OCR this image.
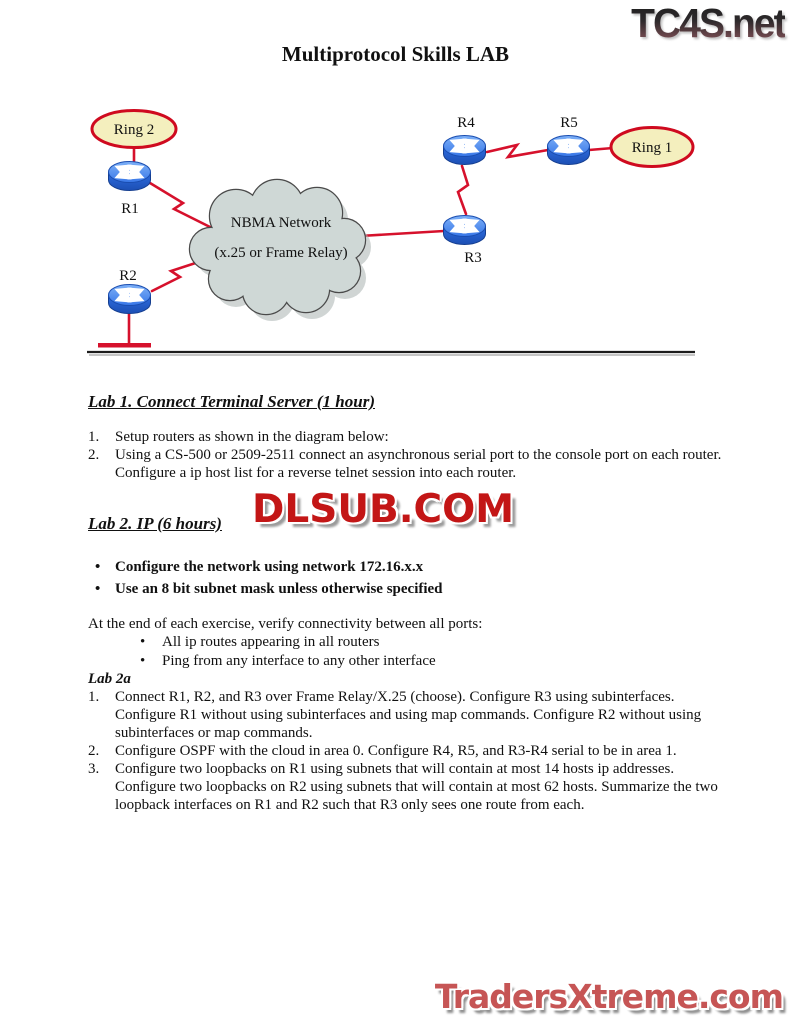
TC4S.net
Multiprotocol Skills LAB
NBMA Network
(x.25 or Frame Relay)
Ring 2
Ring 1
R1
R2
R3
R4	R5
Lab 1. Connect Terminal Server (1 hour)
1.	Setup routers as shown in the diagram below:
2.	Using a CS-500 or 2509-2511 connect an asynchronous serial port to the console port on each router. Configure a ip host list for a reverse telnet session into each router.
DLSUB.COM
Lab 2. IP (6 hours)
• Configure the network using network 172.16.x.x
• Use an 8 bit subnet mask unless otherwise specified
At the end of each exercise, verify connectivity between all ports:
•	All ip routes appearing in all routers
•	Ping from any interface to any other interface
Lab 2a
1.	Connect R1, R2, and R3 over Frame Relay/X.25 (choose). Configure R3 using subinterfaces. Configure R1 without using subinterfaces and using map commands. Configure R2 without using subinterfaces or map commands.
2.	Configure OSPF with the cloud in area 0. Configure R4, R5, and R3-R4 serial to be in area 1.
3.	Configure two loopbacks on R1 using subnets that will contain at most 14 hosts ip addresses. Configure two loopbacks on R2 using subnets that will contain at most 62 hosts. Summarize the two loopback interfaces on R1 and R2 such that R3 only sees one route from each.
TradersXtreme.com
